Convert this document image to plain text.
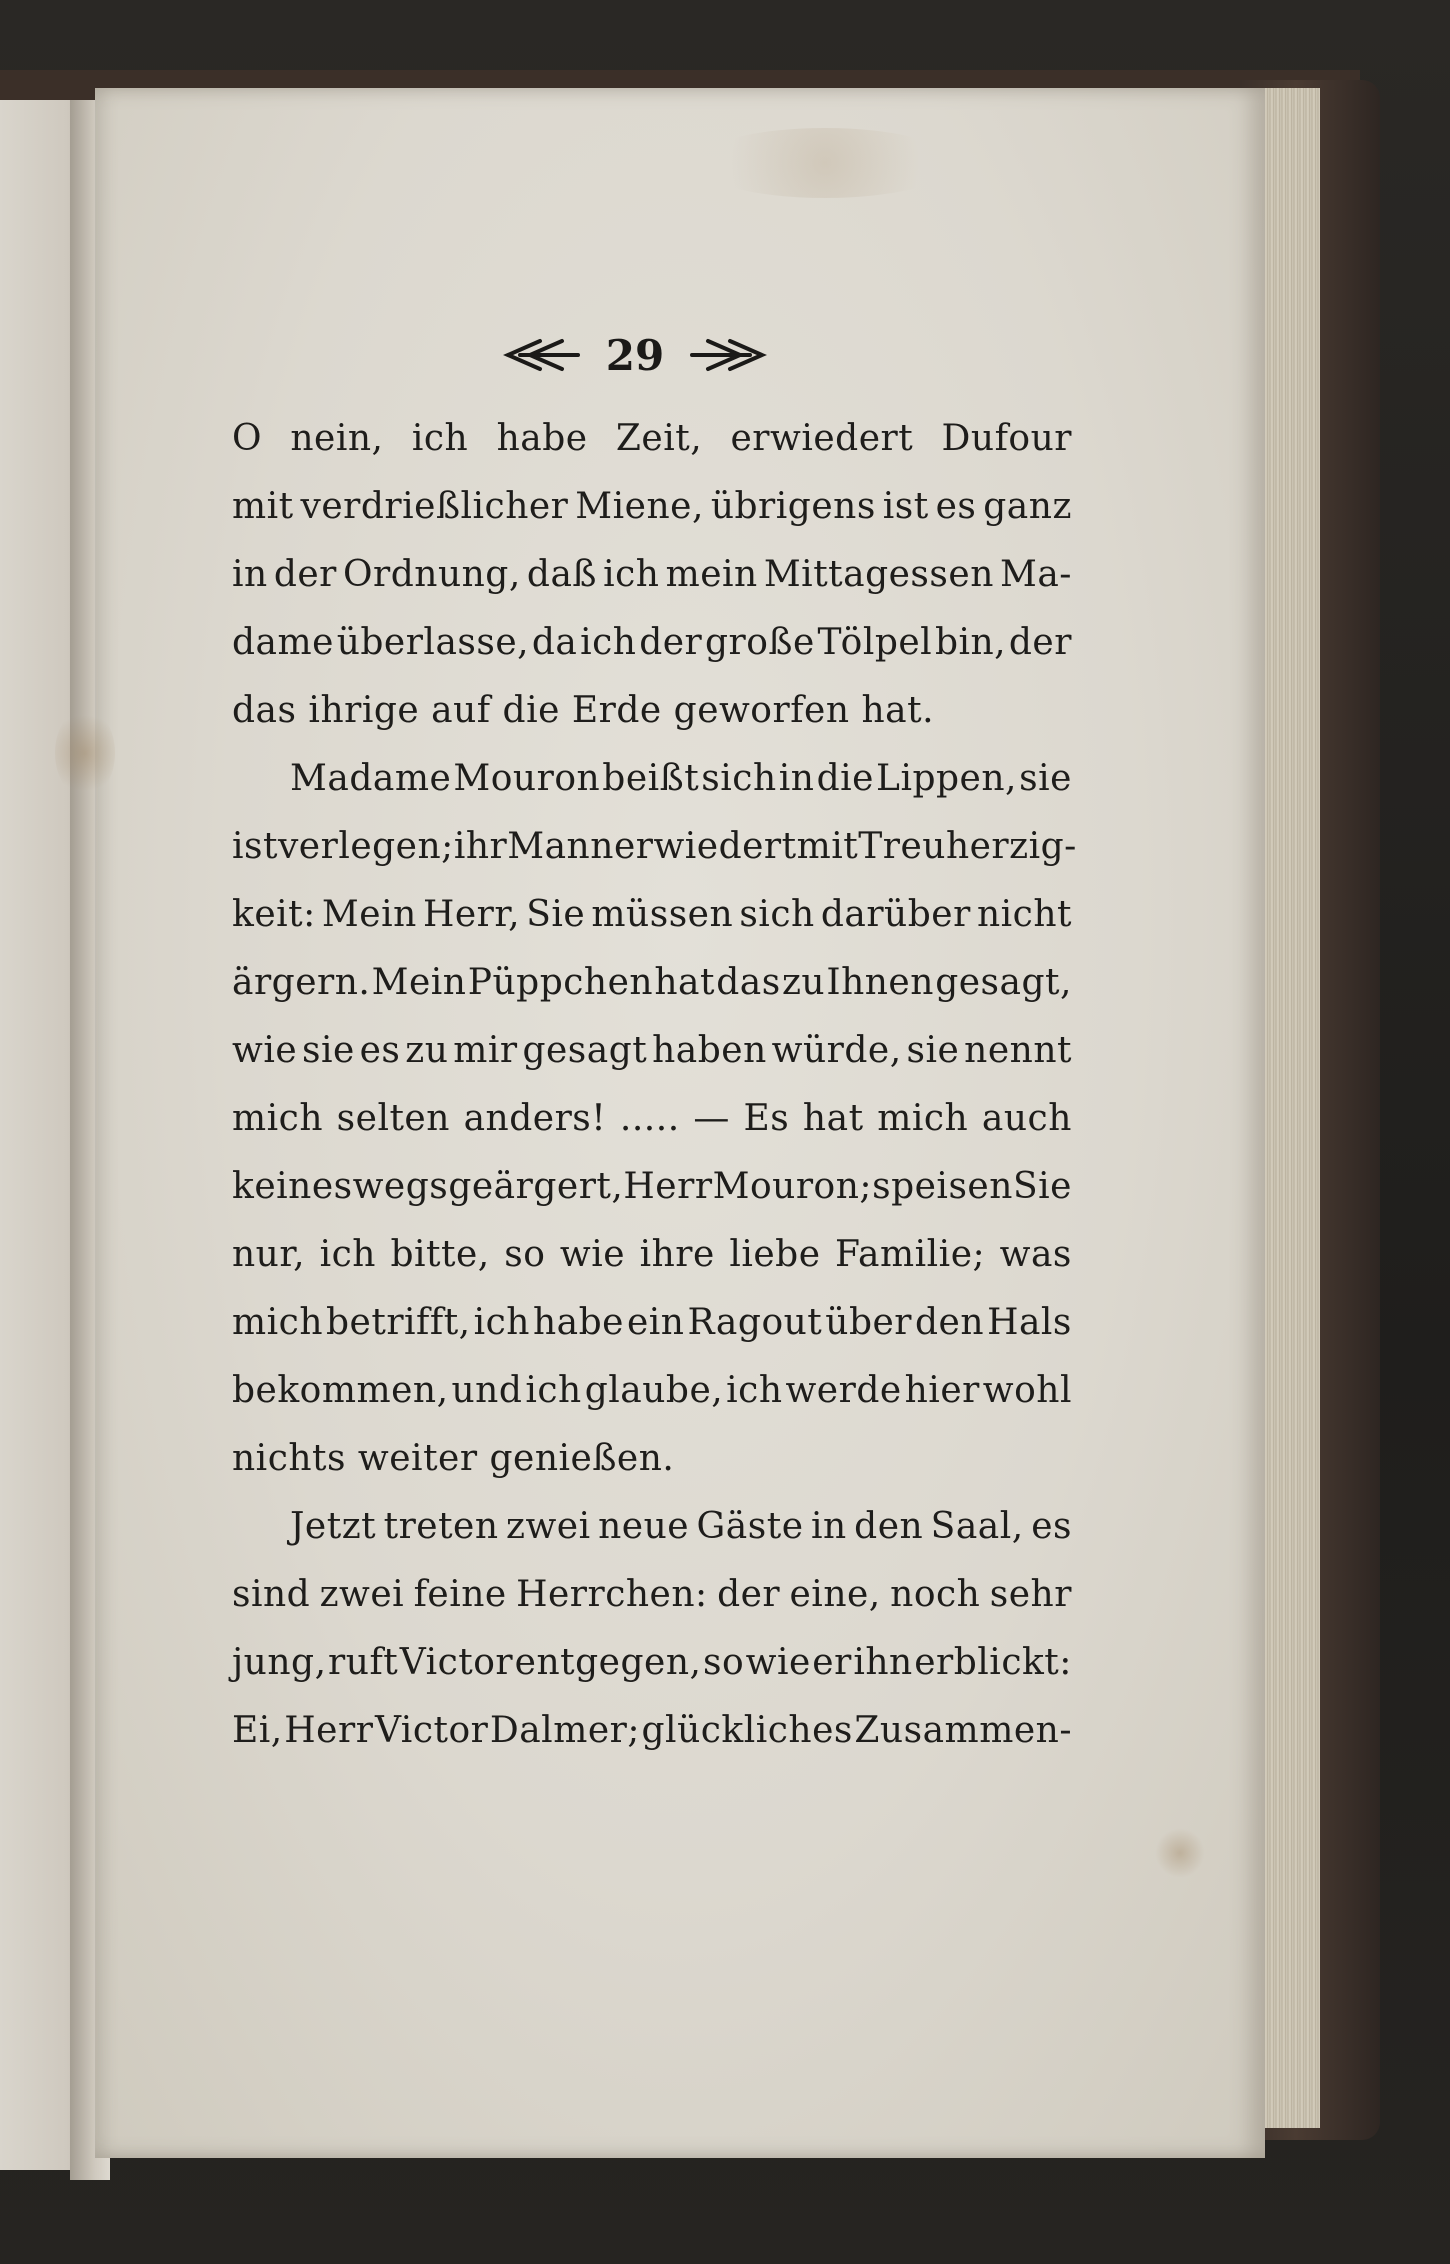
29
O nein, ich habe Zeit, erwiedert Dufour
mit verdrießlicher Miene, übrigens ist es ganz
in der Ordnung, daß ich mein Mittagessen Ma-
dame überlasse, da ich der große Tölpel bin, der
das ihrige auf die Erde geworfen hat.
Madame Mouron beißt sich in die Lippen, sie
ist verlegen; ihr Mann erwiedert mit Treuherzig-
keit: Mein Herr, Sie müssen sich darüber nicht
ärgern. Mein Püppchen hat das zu Ihnen gesagt,
wie sie es zu mir gesagt haben würde, sie nennt
mich selten anders! ..... — Es hat mich auch
keineswegs geärgert, Herr Mouron; speisen Sie
nur, ich bitte, so wie ihre liebe Familie; was
mich betrifft, ich habe ein Ragout über den Hals
bekommen, und ich glaube, ich werde hier wohl
nichts weiter genießen.
Jetzt treten zwei neue Gäste in den Saal, es
sind zwei feine Herrchen: der eine, noch sehr
jung, ruft Victor entgegen, so wie er ihn erblickt:
Ei, Herr Victor Dalmer; glückliches Zusammen-
